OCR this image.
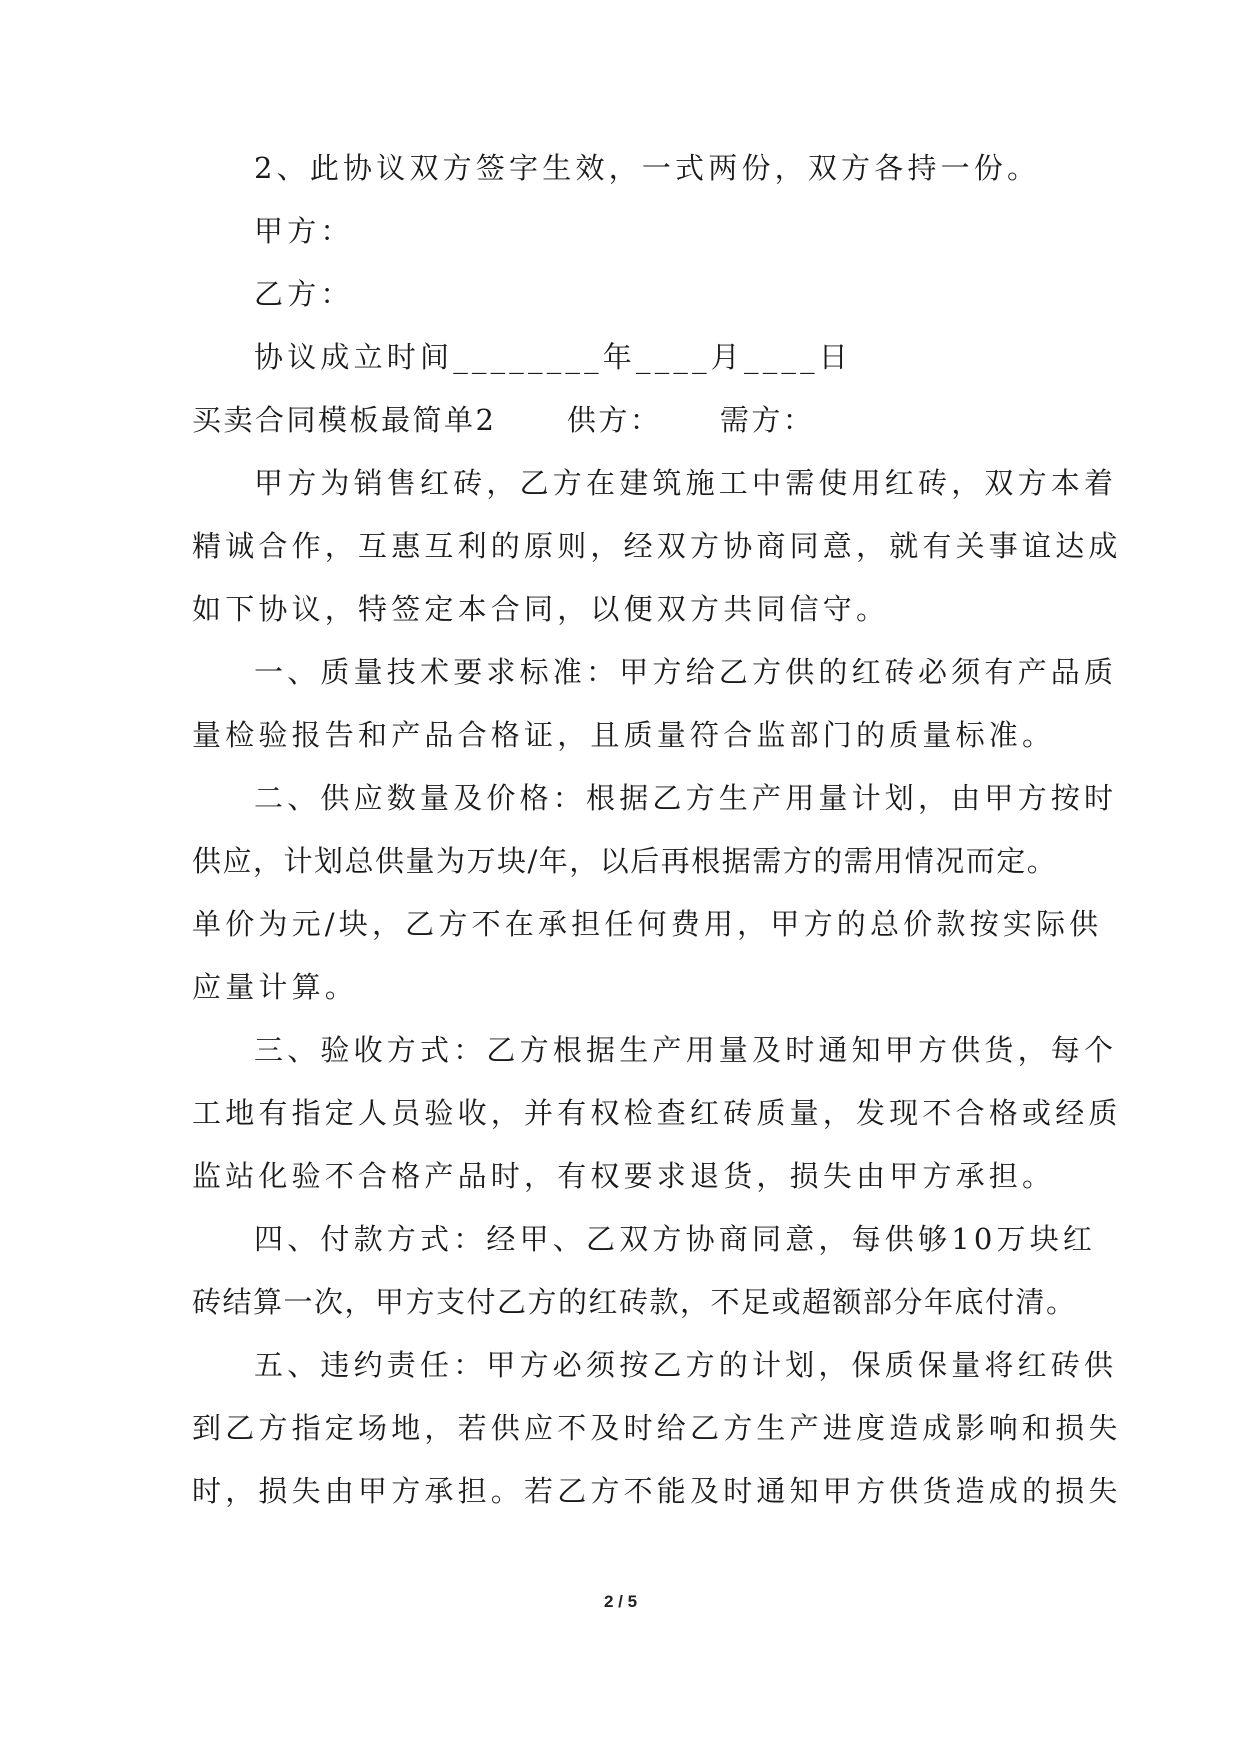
2、此协议双方签字生效，一式两份，双方各持一份。
甲方：
乙方：
协议成立时间________年____月____日
买卖合同模板最简单2 供方： 需方：
甲方为销售红砖，乙方在建筑施工中需使用红砖，双方本着
精诚合作，互惠互利的原则，经双方协商同意，就有关事谊达成
如下协议，特签定本合同，以便双方共同信守。
一、质量技术要求标准：甲方给乙方供的红砖必须有产品质
量检验报告和产品合格证，且质量符合监部门的质量标准。
二、供应数量及价格：根据乙方生产用量计划，由甲方按时
供应，计划总供量为万块/年，以后再根据需方的需用情况而定。
单价为元/块，乙方不在承担任何费用，甲方的总价款按实际供
应量计算。
三、验收方式：乙方根据生产用量及时通知甲方供货，每个
工地有指定人员验收，并有权检查红砖质量，发现不合格或经质
监站化验不合格产品时，有权要求退货，损失由甲方承担。
四、付款方式：经甲、乙双方协商同意，每供够10万块红
砖结算一次，甲方支付乙方的红砖款，不足或超额部分年底付清。
五、违约责任：甲方必须按乙方的计划，保质保量将红砖供
到乙方指定场地，若供应不及时给乙方生产进度造成影响和损失
时，损失由甲方承担。若乙方不能及时通知甲方供货造成的损失
2 / 5
